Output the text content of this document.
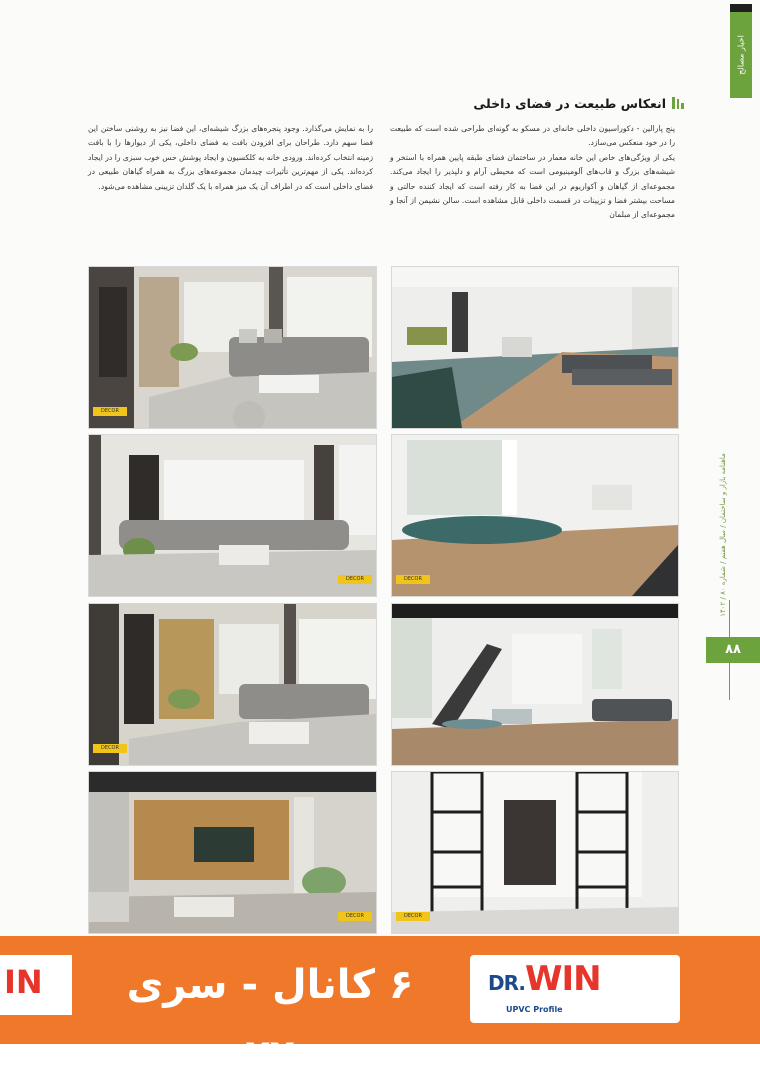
اخبار مصالح
ماهنامه بازار و ساختمان / سال هفتم / شماره ۸۰ / ۱۴۰۲
۸۸
انعکاس طبیعت در فضای داخلی

پنج پارالین - دکوراسیون داخلی خانه‌ای در مسکو به گونه‌ای طراحی شده است که طبیعت را در خود منعکس می‌سازد.

یکی از ویژگی‌های خاص این خانه معمار در ساختمان فضای طبقه پایین همراه با استخر و شیشه‌های بزرگ و قاب‌های آلومینیومی است که محیطی آرام و دلپذیر را ایجاد می‌کند. مجموعه‌ای از گیاهان و آکواریوم در این فضا به کار رفته است که ایجاد کننده حالتی و مساحت بیشتر فضا و تزیینات در قسمت داخلی قابل مشاهده است. سالن نشیمن از آنجا و مجموعه‌ای از مبلمان

را به نمایش می‌گذارد. وجود پنجره‌های بزرگ شیشه‌ای، این فضا نیز به روشنی ساختن این فضا سهم دارد. طراحان برای افزودن بافت به فضای داخلی، یکی از دیوارها را با بافت زمینه انتخاب کرده‌اند. ورودی خانه به کلکسیون و ایجاد پوشش حس خوب سبزی را در ایجاد کرده‌اند. یکی از مهم‌ترین تأثیرات چیدمان مجموعه‌های بزرگ به همراه گیاهان طبیعی در فضای داخلی است که در اطراف آن یک میز همراه با یک گلدان تزیینی مشاهده می‌شود.

DECOR
DECOR	DECOR
DECOR
DECOR	DECOR
IN ۶ کانال - سری ۷۷
DR.WIN
UPVC Profile
